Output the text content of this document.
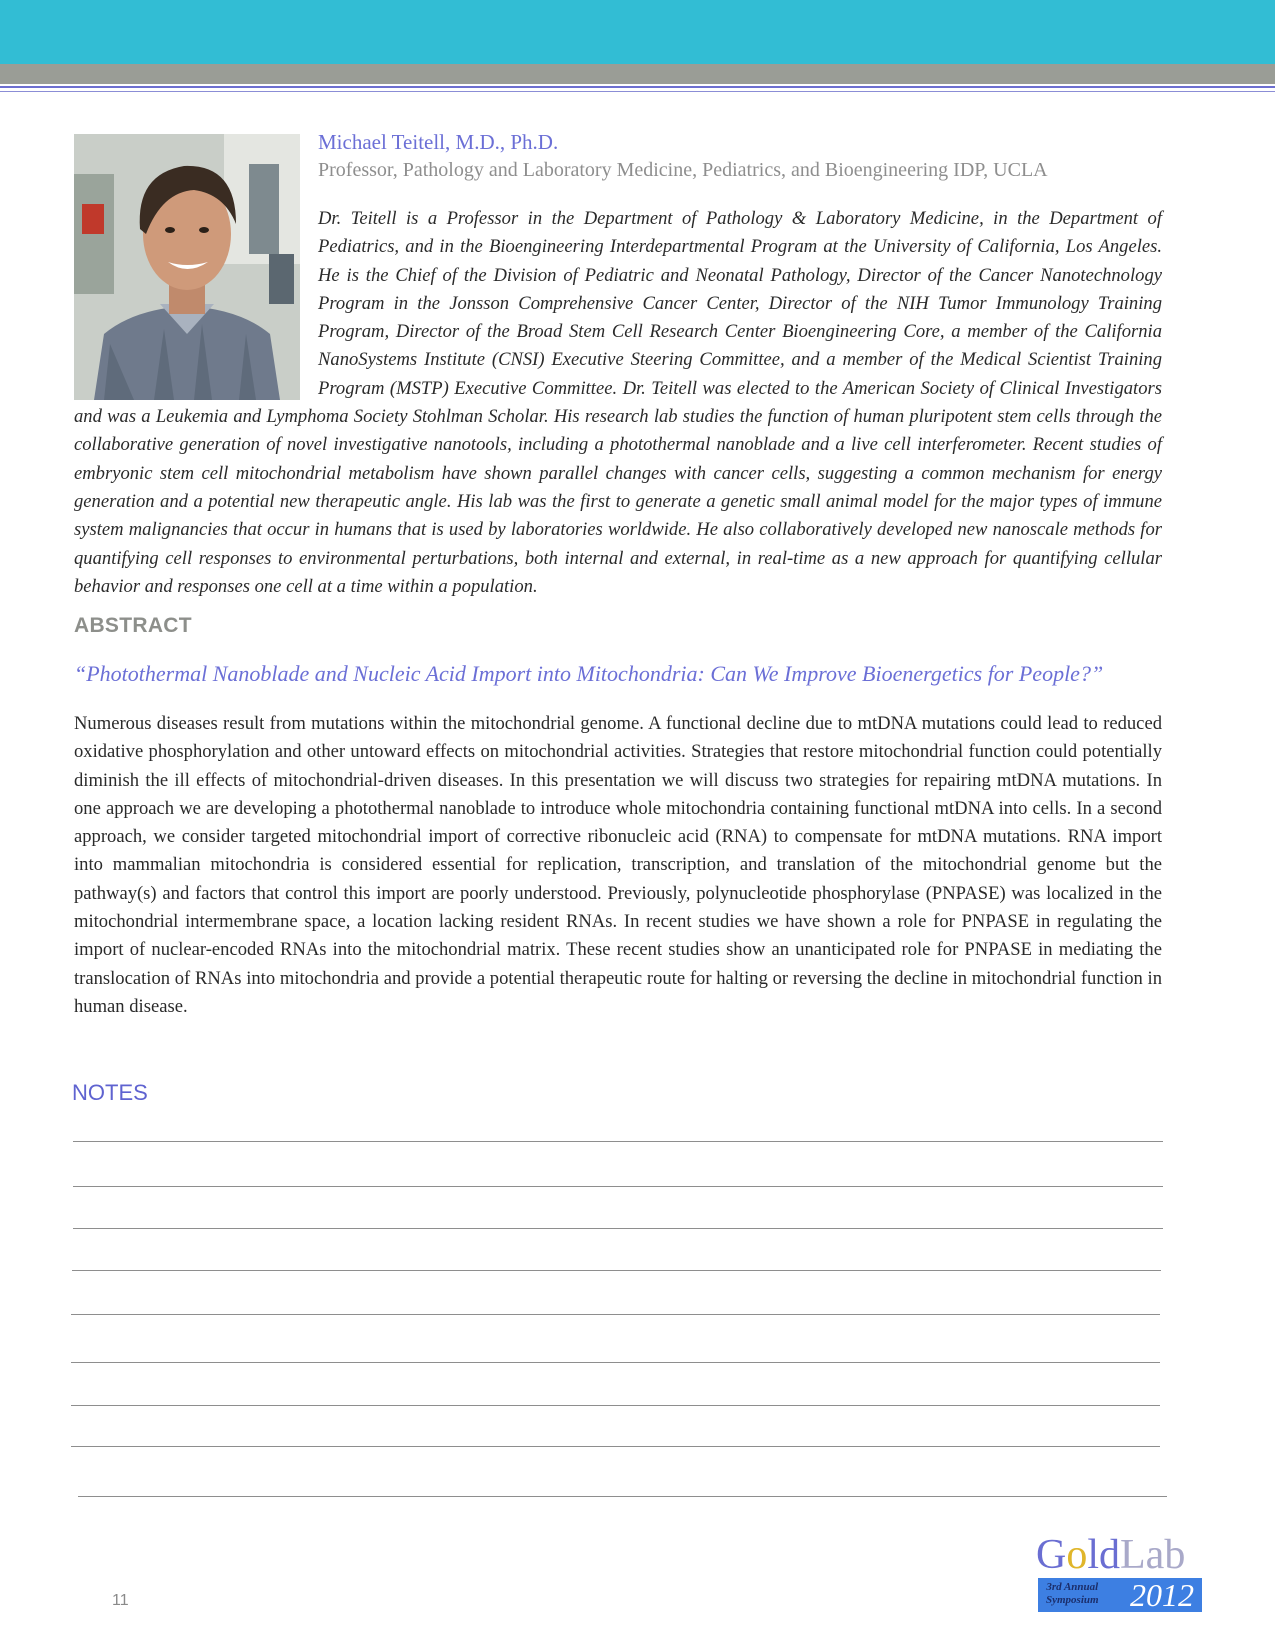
Michael Teitell, M.D., Ph.D.
Professor, Pathology and Laboratory Medicine, Pediatrics, and Bioengineering IDP, UCLA

Dr. Teitell is a Professor in the Department of Pathology & Laboratory Medicine, in the Department of Pediatrics, and in the Bioengineering Interdepartmental Program at the University of California, Los Angeles. He is the Chief of the Division of Pediatric and Neonatal Pathology, Director of the Cancer Nanotechnology Program in the Jonsson Comprehensive Cancer Center, Director of the NIH Tumor Immunology Training Program, Director of the Broad Stem Cell Research Center Bioengineering Core, a member of the California NanoSystems Institute (CNSI) Executive Steering Committee, and a member of the Medical Scientist Training Program (MSTP) Executive Committee. Dr. Teitell was elected to the American Society of Clinical Investigators and was a Leukemia and Lymphoma Society Stohlman Scholar. His research lab studies the function of human pluripotent stem cells through the collaborative generation of novel investigative nanotools, including a photothermal nanoblade and a live cell interferometer. Recent studies of embryonic stem cell mitochondrial metabolism have shown parallel changes with cancer cells, suggesting a common mechanism for energy generation and a potential new therapeutic angle. His lab was the first to generate a genetic small animal model for the major types of immune system malignancies that occur in humans that is used by laboratories worldwide. He also collaboratively developed new nanoscale methods for quantifying cell responses to environmental perturbations, both internal and external, in real-time as a new approach for quantifying cellular behavior and responses one cell at a time within a population.

ABSTRACT
“Photothermal Nanoblade and Nucleic Acid Import into Mitochondria: Can We Improve Bioenergetics for People?”

Numerous diseases result from mutations within the mitochondrial genome. A functional decline due to mtDNA mutations could lead to reduced oxidative phosphorylation and other untoward effects on mitochondrial activities. Strategies that restore mitochondrial function could potentially diminish the ill effects of mitochondrial-driven diseases. In this presentation we will discuss two strategies for repairing mtDNA mutations. In one approach we are developing a photothermal nanoblade to introduce whole mitochondria containing functional mtDNA into cells. In a second approach, we consider targeted mitochondrial import of corrective ribonucleic acid (RNA) to compensate for mtDNA mutations. RNA import into mammalian mitochondria is considered essential for replication, transcription, and translation of the mitochondrial genome but the pathway(s) and factors that control this import are poorly understood. Previously, polynucleotide phosphorylase (PNPASE) was localized in the mitochondrial intermembrane space, a location lacking resident RNAs. In recent studies we have shown a role for PNPASE in regulating the import of nuclear-encoded RNAs into the mitochondrial matrix. These recent studies show an unanticipated role for PNPASE in mediating the translocation of RNAs into mitochondria and provide a potential therapeutic route for halting or reversing the decline in mitochondrial function in human disease.

NOTES
11
GoldLab
3rd Annual
Symposium 2012
